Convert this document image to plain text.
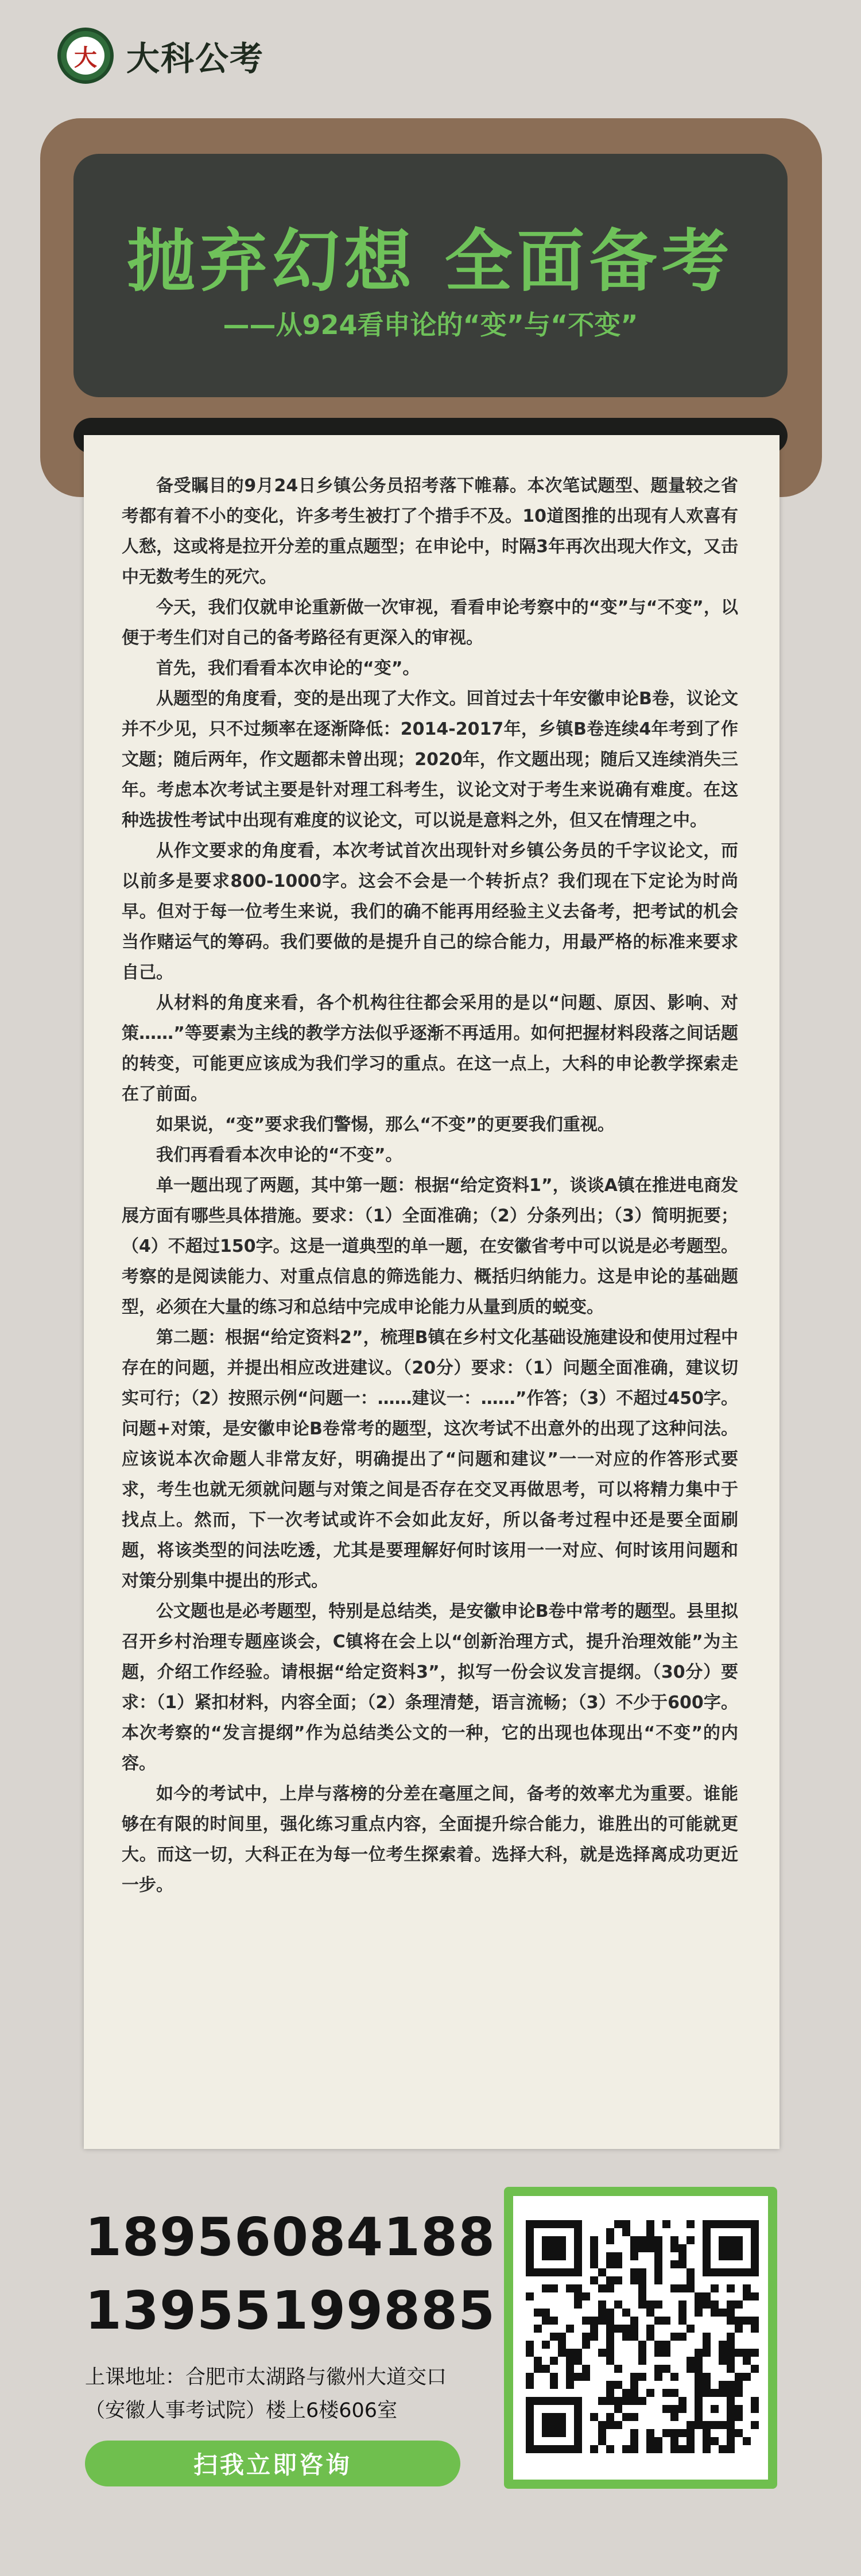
大 大科公考
抛弃幻想 全面备考
——从924看申论的“变”与“不变”

备受瞩目的9月24日乡镇公务员招考落下帷幕。本次笔试题型、题量较之省考都有着不小的变化，许多考生被打了个措手不及。10道图推的出现有人欢喜有人愁，这或将是拉开分差的重点题型；在申论中，时隔3年再次出现大作文，又击中无数考生的死穴。

今天，我们仅就申论重新做一次审视，看看申论考察中的“变”与“不变”，以便于考生们对自己的备考路径有更深入的审视。

首先，我们看看本次申论的“变”。

从题型的角度看，变的是出现了大作文。回首过去十年安徽申论B卷，议论文并不少见，只不过频率在逐渐降低：2014-2017年，乡镇B卷连续4年考到了作文题；随后两年，作文题都未曾出现；2020年，作文题出现；随后又连续消失三年。考虑本次考试主要是针对理工科考生，议论文对于考生来说确有难度。在这种选拔性考试中出现有难度的议论文，可以说是意料之外，但又在情理之中。

从作文要求的角度看，本次考试首次出现针对乡镇公务员的千字议论文，而以前多是要求800-1000字。这会不会是一个转折点？我们现在下定论为时尚早。但对于每一位考生来说，我们的确不能再用经验主义去备考，把考试的机会当作赌运气的筹码。我们要做的是提升自己的综合能力，用最严格的标准来要求自己。

从材料的角度来看，各个机构往往都会采用的是以“问题、原因、影响、对策……”等要素为主线的教学方法似乎逐渐不再适用。如何把握材料段落之间话题的转变，可能更应该成为我们学习的重点。在这一点上，大科的申论教学探索走在了前面。

如果说，“变”要求我们警惕，那么“不变”的更要我们重视。

我们再看看本次申论的“不变”。

单一题出现了两题，其中第一题：根据“给定资料1”，谈谈A镇在推进电商发展方面有哪些具体措施。要求：（1）全面准确；（2）分条列出；（3）简明扼要；（4）不超过150字。这是一道典型的单一题，在安徽省考中可以说是必考题型。考察的是阅读能力、对重点信息的筛选能力、概括归纳能力。这是申论的基础题型，必须在大量的练习和总结中完成申论能力从量到质的蜕变。

第二题：根据“给定资料2”，梳理B镇在乡村文化基础设施建设和使用过程中存在的问题，并提出相应改进建议。（20分）要求：（1）问题全面准确，建议切实可行；（2）按照示例“问题一：……建议一：……”作答；（3）不超过450字。问题+对策，是安徽申论B卷常考的题型，这次考试不出意外的出现了这种问法。应该说本次命题人非常友好，明确提出了“问题和建议”一一对应的作答形式要求，考生也就无须就问题与对策之间是否存在交叉再做思考，可以将精力集中于找点上。然而，下一次考试或许不会如此友好，所以备考过程中还是要全面刷题，将该类型的问法吃透，尤其是要理解好何时该用一一对应、何时该用问题和对策分别集中提出的形式。

公文题也是必考题型，特别是总结类，是安徽申论B卷中常考的题型。县里拟召开乡村治理专题座谈会，C镇将在会上以“创新治理方式，提升治理效能”为主题，介绍工作经验。请根据“给定资料3”，拟写一份会议发言提纲。（30分）要求：（1）紧扣材料，内容全面；（2）条理清楚，语言流畅；（3）不少于600字。本次考察的“发言提纲”作为总结类公文的一种，它的出现也体现出“不变”的内容。

如今的考试中，上岸与落榜的分差在毫厘之间，备考的效率尤为重要。谁能够在有限的时间里，强化练习重点内容，全面提升综合能力，谁胜出的可能就更大。而这一切，大科正在为每一位考生探索着。选择大科，就是选择离成功更近一步。

18956084188
13955199885
上课地址：合肥市太湖路与徽州大道交口
（安徽人事考试院）楼上6楼606室
扫我立即咨询
